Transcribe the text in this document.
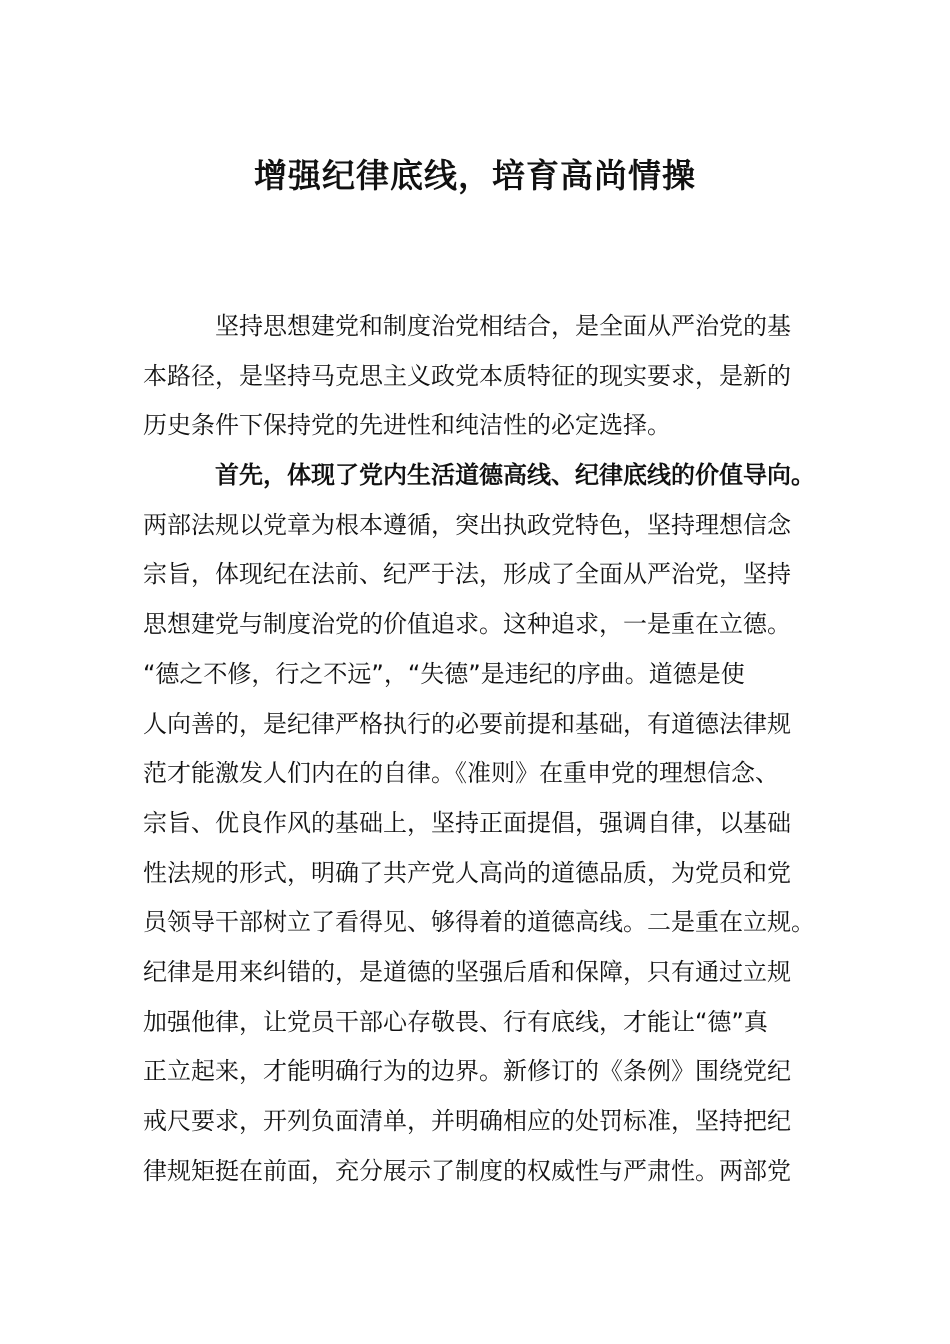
增强纪律底线，培育高尚情操
坚持思想建党和制度治党相结合，是全面从严治党的基
本路径，是坚持马克思主义政党本质特征的现实要求，是新的
历史条件下保持党的先进性和纯洁性的必定选择。
首先，体现了党内生活道德高线、纪律底线的价值导向。
两部法规以党章为根本遵循，突出执政党特色，坚持理想信念
宗旨，体现纪在法前、纪严于法，形成了全面从严治党，坚持
思想建党与制度治党的价值追求。这种追求，一是重在立德。
“德之不修，行之不远”，“失德”是违纪的序曲。道德是使
人向善的，是纪律严格执行的必要前提和基础，有道德法律规
范才能激发人们内在的自律。《准则》在重申党的理想信念、
宗旨、优良作风的基础上，坚持正面提倡，强调自律，以基础
性法规的形式，明确了共产党人高尚的道德品质，为党员和党
员领导干部树立了看得见、够得着的道德高线。二是重在立规。
纪律是用来纠错的，是道德的坚强后盾和保障，只有通过立规
加强他律，让党员干部心存敬畏、行有底线，才能让“德”真
正立起来，才能明确行为的边界。新修订的《条例》围绕党纪
戒尺要求，开列负面清单，并明确相应的处罚标准，坚持把纪
律规矩挺在前面，充分展示了制度的权威性与严肃性。两部党
